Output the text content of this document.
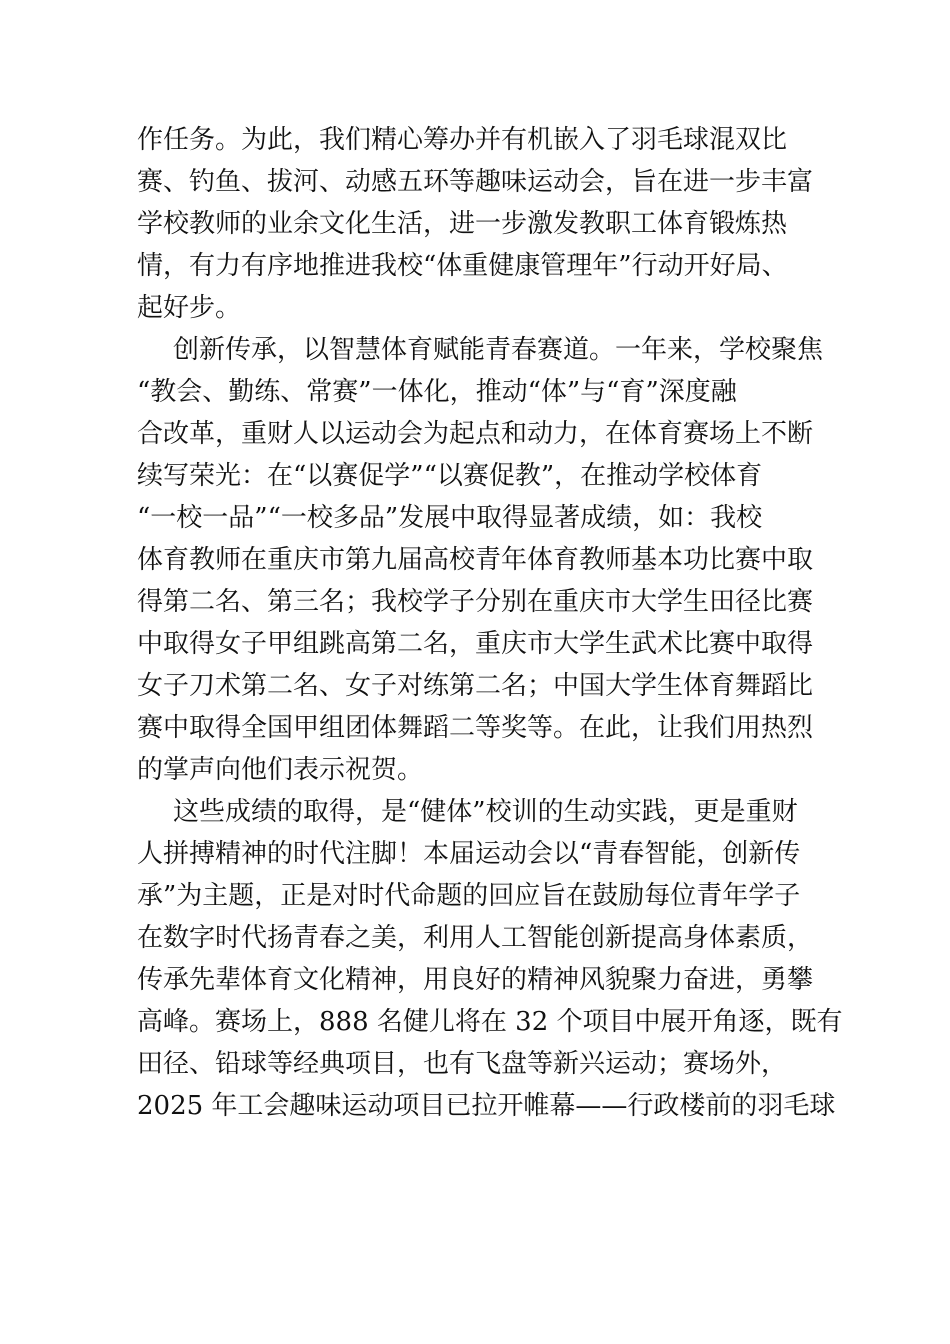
作任务。为此，我们精心筹办并有机嵌入了羽毛球混双比
赛、钓鱼、拔河、动感五环等趣味运动会，旨在进一步丰富
学校教师的业余文化生活，进一步激发教职工体育锻炼热
情，有力有序地推进我校“体重健康管理年”行动开好局、
起好步。
创新传承，以智慧体育赋能青春赛道。一年来，学校聚焦
“教会、勤练、常赛”一体化，推动“体”与“育”深度融
合改革，重财人以运动会为起点和动力，在体育赛场上不断
续写荣光：在“以赛促学”“以赛促教”，在推动学校体育
“一校一品”“一校多品”发展中取得显著成绩，如：我校
体育教师在重庆市第九届高校青年体育教师基本功比赛中取
得第二名、第三名；我校学子分别在重庆市大学生田径比赛
中取得女子甲组跳高第二名，重庆市大学生武术比赛中取得
女子刀术第二名、女子对练第二名；中国大学生体育舞蹈比
赛中取得全国甲组团体舞蹈二等奖等。在此，让我们用热烈
的掌声向他们表示祝贺。
这些成绩的取得，是“健体”校训的生动实践，更是重财
人拼搏精神的时代注脚！本届运动会以“青春智能，创新传
承”为主题，正是对时代命题的回应旨在鼓励每位青年学子
在数字时代扬青春之美，利用人工智能创新提高身体素质，
传承先辈体育文化精神，用良好的精神风貌聚力奋进，勇攀
高峰。赛场上，888 名健儿将在 32 个项目中展开角逐，既有
田径、铅球等经典项目，也有飞盘等新兴运动；赛场外，
2025 年工会趣味运动项目已拉开帷幕——行政楼前的羽毛球
